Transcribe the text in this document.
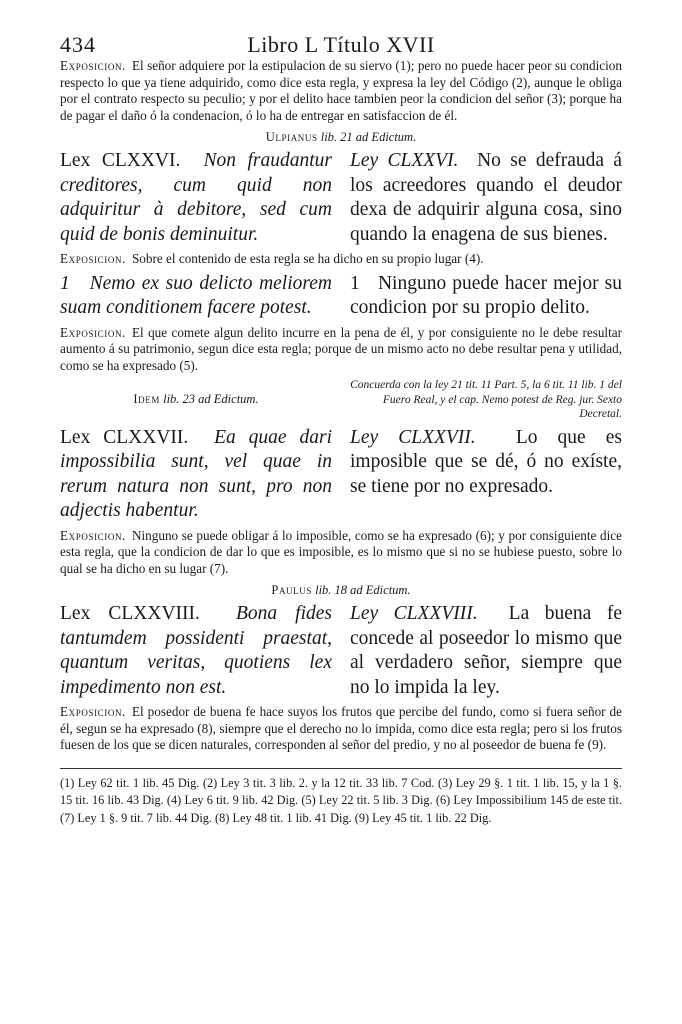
434	Libro L Título XVII

Exposicion. El señor adquiere por la estipulacion de su siervo (1); pero no puede hacer peor su condicion respecto lo que ya tiene adquirido, como dice esta regla, y expresa la ley del Código (2), aunque le obliga por el contrato respecto su peculio; y por el delito hace tambien peor la condicion del señor (3); porque ha de pagar el daño ó la condenacion, ó lo ha de entregar en satisfaccion de él.

Ulpianus lib. 21 ad Edictum.

Lex CLXXVI. Non fraudantur creditores, cum quid non adquiritur à debitore, sed cum quid de bonis deminuitur.

Ley CLXXVI. No se defrauda á los acreedores quando el deudor dexa de adquirir alguna cosa, sino quando la enagena de sus bienes.

Exposicion. Sobre el contenido de esta regla se ha dicho en su propio lugar (4).

1 Nemo ex suo delicto meliorem suam conditionem facere potest.

1 Ninguno puede hacer mejor su condicion por su propio delito.

Exposicion. El que comete algun delito incurre en la pena de él, y por consiguiente no le debe resultar aumento á su patrimonio, segun dice esta regla; porque de un mismo acto no debe resultar pena y utilidad, como se ha expresado (5).

Idem lib. 23 ad Edictum.

Concuerda con la ley 21 tit. 11 Part. 5, la 6 tit. 11 lib. 1 del Fuero Real, y el cap. Nemo potest de Reg. jur. Sexto Decretal.

Lex CLXXVII. Ea quae dari impossibilia sunt, vel quae in rerum natura non sunt, pro non adjectis habentur.

Ley CLXXVII. Lo que es imposible que se dé, ó no exíste, se tiene por no expresado.

Exposicion. Ninguno se puede obligar á lo imposible, como se ha expresado (6); y por consiguiente dice esta regla, que la condicion de dar lo que es imposible, es lo mismo que si no se hubiese puesto, sobre lo qual se ha dicho en su lugar (7).

Paulus lib. 18 ad Edictum.

Lex CLXXVIII. Bona fides tantumdem possidenti praestat, quantum veritas, quotiens lex impedimento non est.

Ley CLXXVIII. La buena fe concede al poseedor lo mismo que al verdadero señor, siempre que no lo impida la ley.

Exposicion. El posedor de buena fe hace suyos los frutos que percibe del fundo, como si fuera señor de él, segun se ha expresado (8), siempre que el derecho no lo impida, como dice esta regla; pero si los frutos fuesen de los que se dicen naturales, corresponden al señor del predio, y no al poseedor de buena fe (9).

(1) Ley 62 tit. 1 lib. 45 Dig. (2) Ley 3 tit. 3 lib. 2. y la 12 tit. 33 lib. 7 Cod. (3) Ley 29 §. 1 tit. 1 lib. 15, y la 1 §. 15 tit. 16 lib. 43 Dig. (4) Ley 6 tit. 9 lib. 42 Dig. (5) Ley 22 tit. 5 lib. 3 Dig. (6) Ley Impossibilium 145 de este tit. (7) Ley 1 §. 9 tit. 7 lib. 44 Dig. (8) Ley 48 tit. 1 lib. 41 Dig. (9) Ley 45 tit. 1 lib. 22 Dig.
